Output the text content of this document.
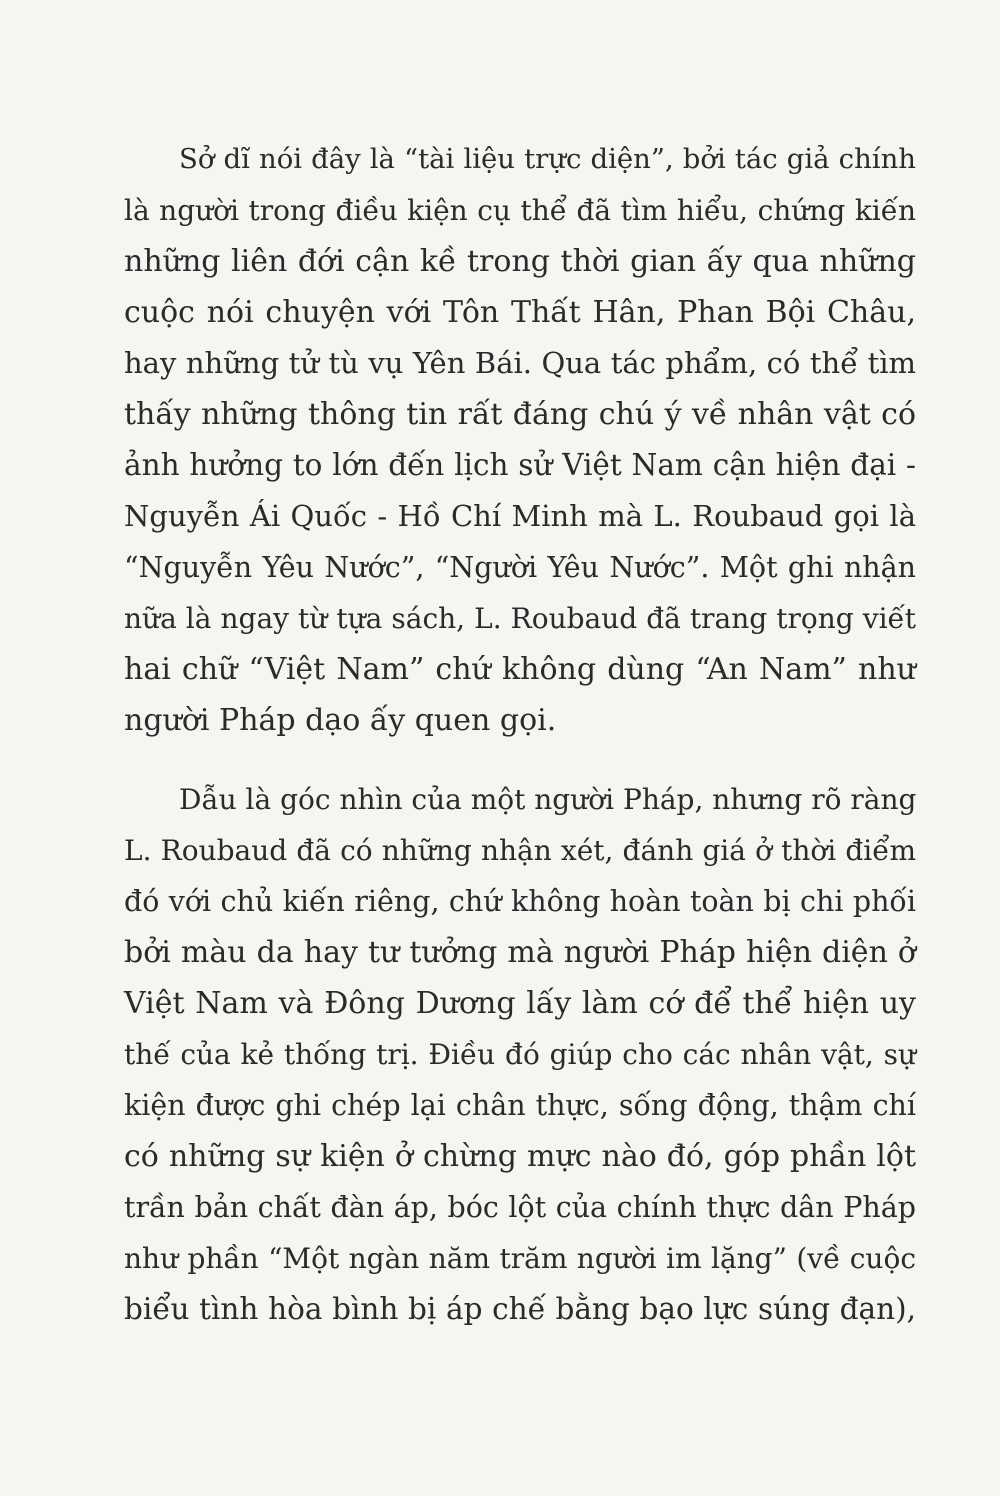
Sở dĩ nói đây là “tài liệu trực diện”, bởi tác giả chính
là người trong điều kiện cụ thể đã tìm hiểu, chứng kiến
những liên đới cận kề trong thời gian ấy qua những
cuộc nói chuyện với Tôn Thất Hân, Phan Bội Châu,
hay những tử tù vụ Yên Bái. Qua tác phẩm, có thể tìm
thấy những thông tin rất đáng chú ý về nhân vật có
ảnh hưởng to lớn đến lịch sử Việt Nam cận hiện đại -
Nguyễn Ái Quốc - Hồ Chí Minh mà L. Roubaud gọi là
“Nguyễn Yêu Nước”, “Người Yêu Nước”. Một ghi nhận
nữa là ngay từ tựa sách, L. Roubaud đã trang trọng viết
hai chữ “Việt Nam” chứ không dùng “An Nam” như
người Pháp dạo ấy quen gọi.

Dẫu là góc nhìn của một người Pháp, nhưng rõ ràng
L. Roubaud đã có những nhận xét, đánh giá ở thời điểm
đó với chủ kiến riêng, chứ không hoàn toàn bị chi phối
bởi màu da hay tư tưởng mà người Pháp hiện diện ở
Việt Nam và Đông Dương lấy làm cớ để thể hiện uy
thế của kẻ thống trị. Điều đó giúp cho các nhân vật, sự
kiện được ghi chép lại chân thực, sống động, thậm chí
có những sự kiện ở chừng mực nào đó, góp phần lột
trần bản chất đàn áp, bóc lột của chính thực dân Pháp
như phần “Một ngàn năm trăm người im lặng” (về cuộc
biểu tình hòa bình bị áp chế bằng bạo lực súng đạn),
